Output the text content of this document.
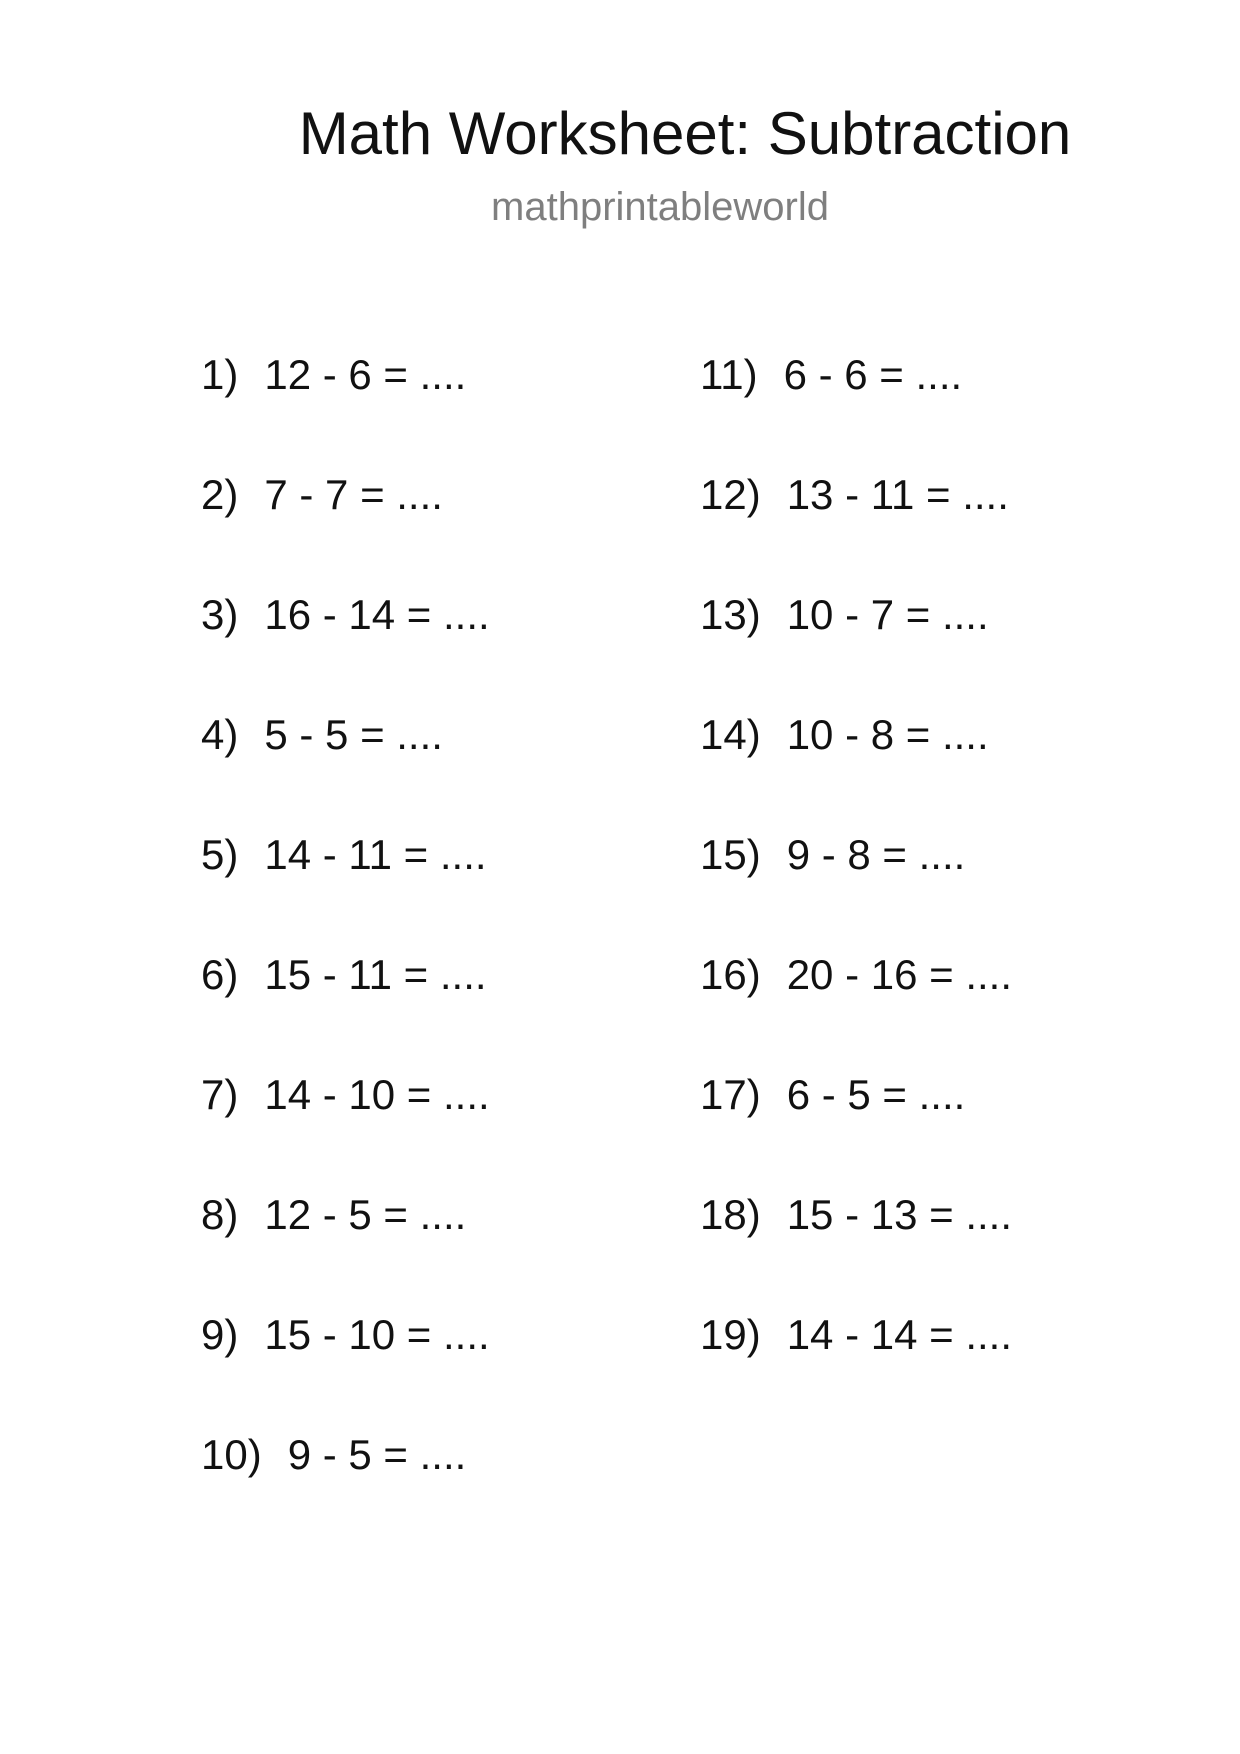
Math Worksheet: Subtraction
mathprintableworld
1) 12 - 6 = ....
2) 7 - 7 = ....
3) 16 - 14 = ....
4) 5 - 5 = ....
5) 14 - 11 = ....
6) 15 - 11 = ....
7) 14 - 10 = ....
8) 12 - 5 = ....
9) 15 - 10 = ....
10) 9 - 5 = ....
11) 6 - 6 = ....
12) 13 - 11 = ....
13) 10 - 7 = ....
14) 10 - 8 = ....
15) 9 - 8 = ....
16) 20 - 16 = ....
17) 6 - 5 = ....
18) 15 - 13 = ....
19) 14 - 14 = ....
